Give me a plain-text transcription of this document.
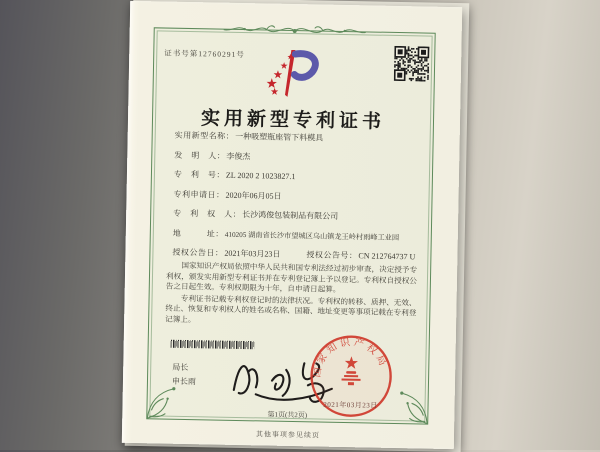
证书号第12760291号
实用新型专利证书
实用新型名称：一种吸塑瓶座管下料模具
发　明　人：李俊杰
专　利　号：ZL 2020 2 1023827.1
专利申请日：2020年06月05日
专　利　权　人：长沙鸿俊包装制品有限公司
地　　　址：410205 湖南省长沙市望城区乌山镇龙王岭村雨峰工业园
授权公告日：2021年03月23日	授权公告号：CN 212764737 U

国家知识产权局依照中华人民共和国专利法经过初步审查，决定授予专利权，颁发实用新型专利证书并在专利登记簿上予以登记。专利权自授权公告之日起生效。专利权期限为十年，自申请日起算。

专利证书记载专利权登记时的法律状况。专利权的转移、质押、无效、终止、恢复和专利权人的姓名或名称、国籍、地址变更等事项记载在专利登记簿上。

局长
申长雨
国家知识产权局
2021年03月23日
第1页(共2页)
其他事项参见续页
